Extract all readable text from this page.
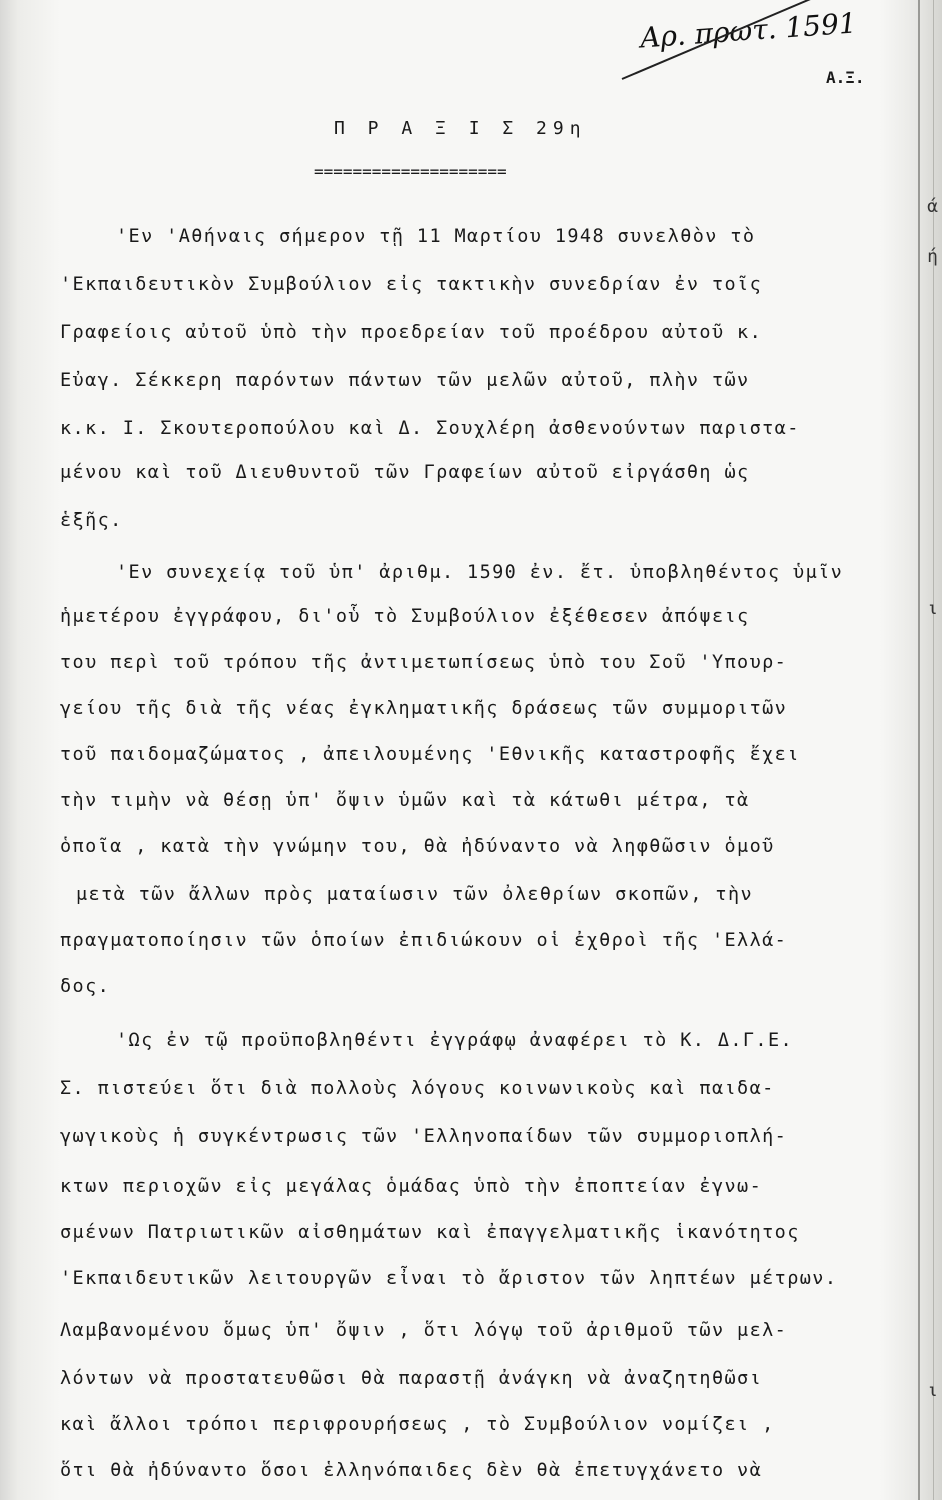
ά
ή
ι
ι
Αρ. πρωτ. 1591
Α.Ξ.
Π Ρ Α Ξ Ι Σ 29η
====================
'Εν 'Αθήναις σήμερον τῇ 11 Μαρτίου 1948 συνελθὸν τὸ
'Εκπαιδευτικὸν Συμβούλιον εἰς τακτικὴν συνεδρίαν ἐν τοῖς
Γραφείοις αὐτοῦ ὑπὸ τὴν προεδρείαν τοῦ προέδρου αὐτοῦ κ.
Εὐαγ. Σέκκερη παρόντων πάντων τῶν μελῶν αὐτοῦ, πλὴν τῶν
κ.κ. Ι. Σκουτεροπούλου καὶ Δ. Σουχλέρη ἀσθενούντων παριστα-
μένου καὶ τοῦ Διευθυντοῦ τῶν Γραφείων αὐτοῦ εἰργάσθη ὡς
ἑξῆς.
'Εν συνεχείᾳ τοῦ ὑπ' ἀριθμ. 1590 ἐν. ἔτ. ὑποβληθέντος ὑμῖν
ἡμετέρου ἐγγράφου, δι'οὗ τὸ Συμβούλιον ἐξέθεσεν ἀπόψεις
του περὶ τοῦ τρόπου τῆς ἀντιμετωπίσεως ὑπὸ του Σοῦ 'Υπουρ-
γείου τῆς διὰ τῆς νέας ἐγκληματικῆς δράσεως τῶν συμμοριτῶν
τοῦ παιδομαζώματος , ἀπειλουμένης 'Εθνικῆς καταστροφῆς ἔχει
τὴν τιμὴν νὰ θέσῃ ὑπ' ὄψιν ὑμῶν καὶ τὰ κάτωθι μέτρα, τὰ
ὁποῖα , κατὰ τὴν γνώμην του, θὰ ἠδύναντο νὰ ληφθῶσιν ὁμοῦ
μετὰ τῶν ἄλλων πρὸς ματαίωσιν τῶν ὀλεθρίων σκοπῶν, τὴν
πραγματοποίησιν τῶν ὁποίων ἐπιδιώκουν οἱ ἐχθροὶ τῆς 'Ελλά-
δος.
'Ως ἐν τῷ προϋποβληθέντι ἐγγράφῳ ἀναφέρει τὸ Κ. Δ.Γ.Ε.
Σ. πιστεύει ὅτι διὰ πολλοὺς λόγους κοινωνικοὺς καὶ παιδα-
γωγικοὺς ἡ συγκέντρωσις τῶν 'Ελληνοπαίδων τῶν συμμοριοπλή-
κτων περιοχῶν εἰς μεγάλας ὁμάδας ὑπὸ τὴν ἐποπτείαν ἐγνω-
σμένων Πατριωτικῶν αἰσθημάτων καὶ ἐπαγγελματικῆς ἱκανότητος
'Εκπαιδευτικῶν λειτουργῶν εἶναι τὸ ἄριστον τῶν ληπτέων μέτρων.
Λαμβανομένου ὅμως ὑπ' ὄψιν , ὅτι λόγῳ τοῦ ἀριθμοῦ τῶν μελ-
λόντων νὰ προστατευθῶσι θὰ παραστῇ ἀνάγκη νὰ ἀναζητηθῶσι
καὶ ἄλλοι τρόποι περιφρουρήσεως , τὸ Συμβούλιον νομίζει ,
ὅτι θὰ ἠδύναντο ὅσοι ἑλληνόπαιδες δὲν θὰ ἐπετυγχάνετο νὰ
